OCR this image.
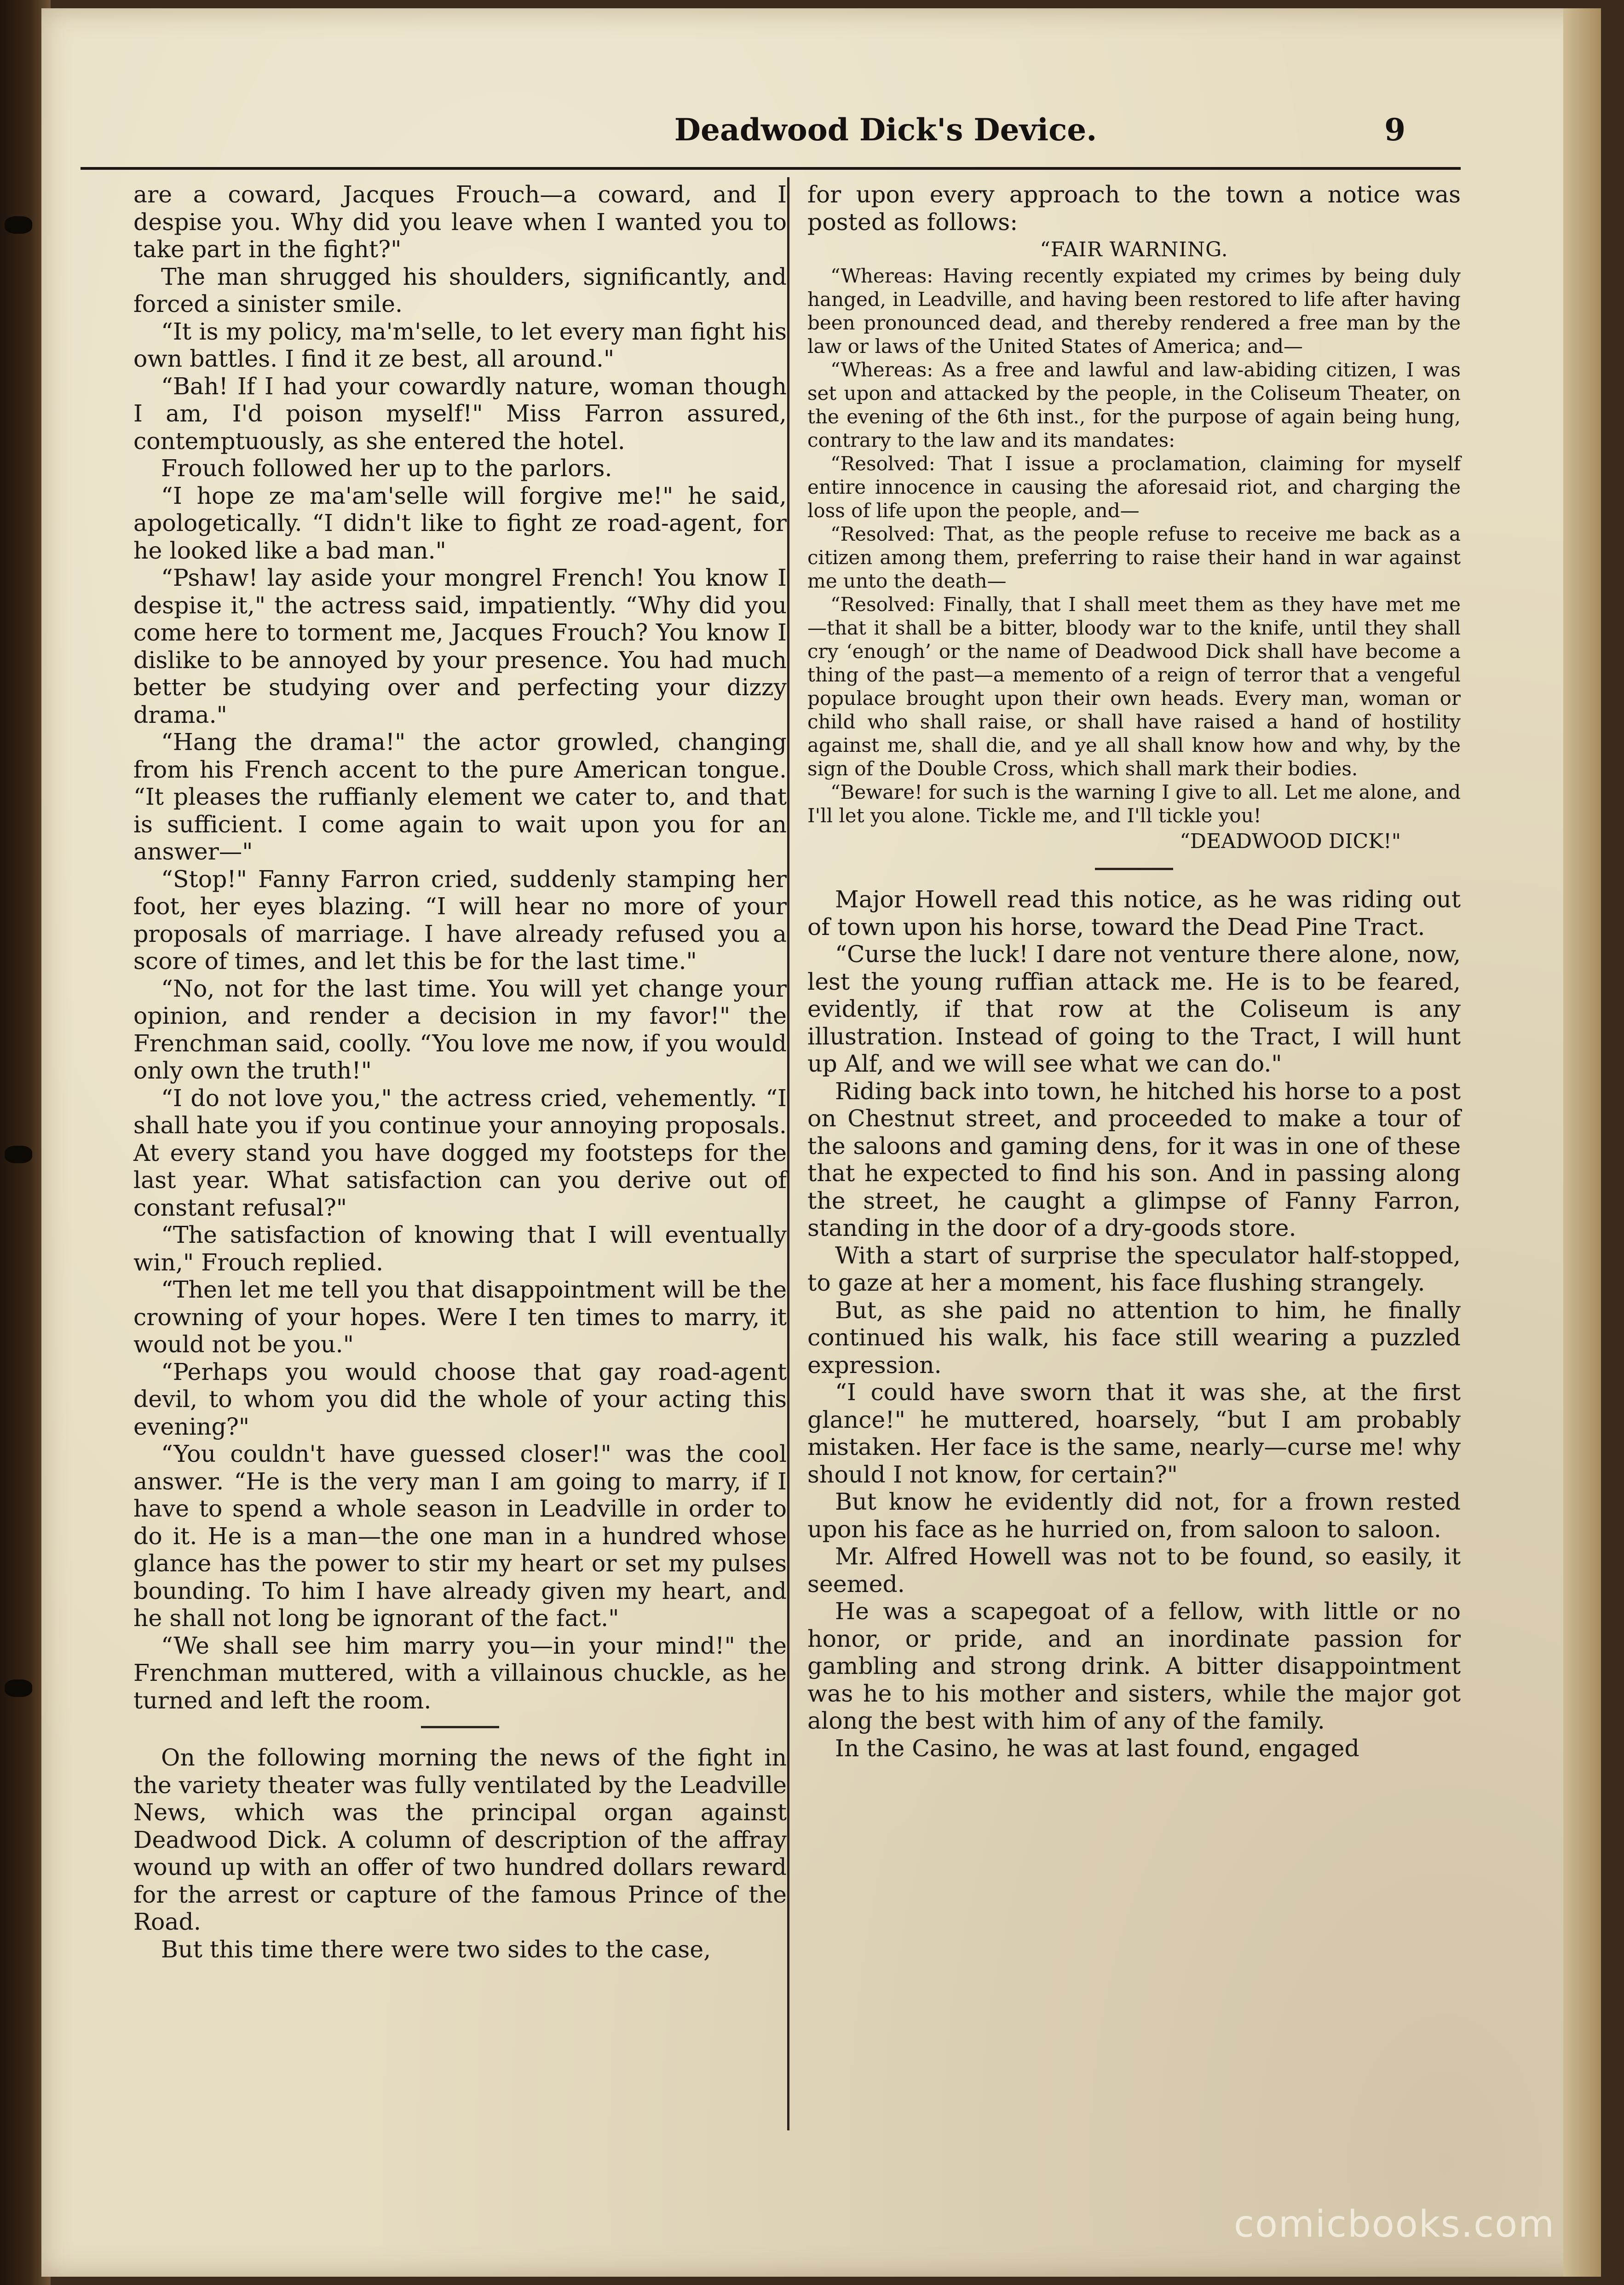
Deadwood Dick's Device.	9

are a coward, Jacques Frouch—a coward, and I despise you. Why did you leave when I wanted you to take part in the fight?"

The man shrugged his shoulders, significantly, and forced a sinister smile.

“It is my policy, ma'm'selle, to let every man fight his own battles. I find it ze best, all around."

“Bah! If I had your cowardly nature, woman though I am, I'd poison myself!" Miss Farron assured, contemptuously, as she entered the hotel.

Frouch followed her up to the parlors.

“I hope ze ma'am'selle will forgive me!" he said, apologetically. “I didn't like to fight ze road-agent, for he looked like a bad man."

“Pshaw! lay aside your mongrel French! You know I despise it," the actress said, impatiently. “Why did you come here to torment me, Jacques Frouch? You know I dislike to be annoyed by your presence. You had much better be studying over and perfecting your dizzy drama."

“Hang the drama!" the actor growled, changing from his French accent to the pure American tongue. “It pleases the ruffianly element we cater to, and that is sufficient. I come again to wait upon you for an answer—"

“Stop!" Fanny Farron cried, suddenly stamping her foot, her eyes blazing. “I will hear no more of your proposals of marriage. I have already refused you a score of times, and let this be for the last time."

“No, not for the last time. You will yet change your opinion, and render a decision in my favor!" the Frenchman said, coolly. “You love me now, if you would only own the truth!"

“I do not love you," the actress cried, vehemently. “I shall hate you if you continue your annoying proposals. At every stand you have dogged my footsteps for the last year. What satisfaction can you derive out of constant refusal?"

“The satisfaction of knowing that I will eventually win," Frouch replied.

“Then let me tell you that disappointment will be the crowning of your hopes. Were I ten times to marry, it would not be you."

“Perhaps you would choose that gay road-agent devil, to whom you did the whole of your acting this evening?"

“You couldn't have guessed closer!" was the cool answer. “He is the very man I am going to marry, if I have to spend a whole season in Leadville in order to do it. He is a man—the one man in a hundred whose glance has the power to stir my heart or set my pulses bounding. To him I have already given my heart, and he shall not long be ignorant of the fact."

“We shall see him marry you—in your mind!" the Frenchman muttered, with a villainous chuckle, as he turned and left the room.

On the following morning the news of the fight in the variety theater was fully ventilated by the Leadville News, which was the principal organ against Deadwood Dick. A column of description of the affray wound up with an offer of two hundred dollars reward for the arrest or capture of the famous Prince of the Road.

But this time there were two sides to the case,

for upon every approach to the town a notice was posted as follows:

“FAIR WARNING.

“Whereas: Having recently expiated my crimes by being duly hanged, in Leadville, and having been restored to life after having been pronounced dead, and thereby rendered a free man by the law or laws of the United States of America; and—

“Whereas: As a free and lawful and law-abiding citizen, I was set upon and attacked by the people, in the Coliseum Theater, on the evening of the 6th inst., for the purpose of again being hung, contrary to the law and its mandates:

“Resolved: That I issue a proclamation, claiming for myself entire innocence in causing the aforesaid riot, and charging the loss of life upon the people, and—

“Resolved: That, as the people refuse to receive me back as a citizen among them, preferring to raise their hand in war against me unto the death—

“Resolved: Finally, that I shall meet them as they have met me—that it shall be a bitter, bloody war to the knife, until they shall cry ‘enough’ or the name of Deadwood Dick shall have become a thing of the past—a memento of a reign of terror that a vengeful populace brought upon their own heads. Every man, woman or child who shall raise, or shall have raised a hand of hostility against me, shall die, and ye all shall know how and why, by the sign of the Double Cross, which shall mark their bodies.

“Beware! for such is the warning I give to all. Let me alone, and I'll let you alone. Tickle me, and I'll tickle you!

“DEADWOOD DICK!"

Major Howell read this notice, as he was riding out of town upon his horse, toward the Dead Pine Tract.

“Curse the luck! I dare not venture there alone, now, lest the young ruffian attack me. He is to be feared, evidently, if that row at the Coliseum is any illustration. Instead of going to the Tract, I will hunt up Alf, and we will see what we can do."

Riding back into town, he hitched his horse to a post on Chestnut street, and proceeded to make a tour of the saloons and gaming dens, for it was in one of these that he expected to find his son. And in passing along the street, he caught a glimpse of Fanny Farron, standing in the door of a dry-goods store.

With a start of surprise the speculator half-stopped, to gaze at her a moment, his face flushing strangely.

But, as she paid no attention to him, he finally continued his walk, his face still wearing a puzzled expression.

“I could have sworn that it was she, at the first glance!" he muttered, hoarsely, “but I am probably mistaken. Her face is the same, nearly—curse me! why should I not know, for certain?"

But know he evidently did not, for a frown rested upon his face as he hurried on, from saloon to saloon.

Mr. Alfred Howell was not to be found, so easily, it seemed.

He was a scapegoat of a fellow, with little or no honor, or pride, and an inordinate passion for gambling and strong drink. A bitter disappointment was he to his mother and sisters, while the major got along the best with him of any of the family.

In the Casino, he was at last found, engaged

comicbooks.com
